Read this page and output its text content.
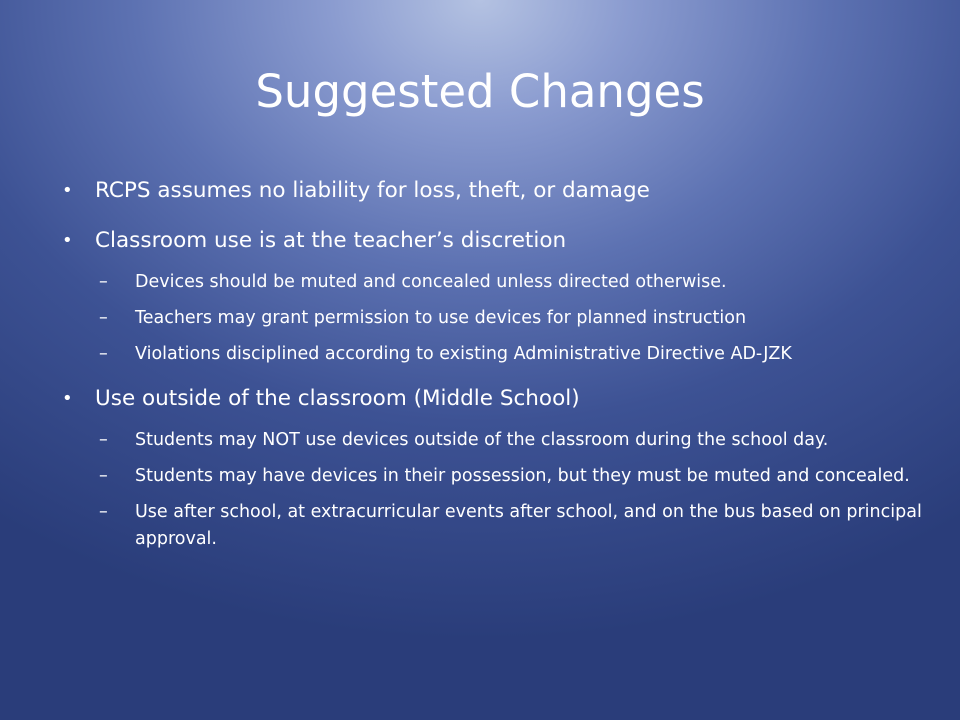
Suggested Changes
• RCPS assumes no liability for loss, theft, or damage
• Classroom use is at the teacher’s discretion
– Devices should be muted and concealed unless directed otherwise.
– Teachers may grant permission to use devices for planned instruction
– Violations disciplined according to existing Administrative Directive AD-JZK
• Use outside of the classroom (Middle School)
– Students may NOT use devices outside of the classroom during the school day.
– Students may have devices in their possession, but they must be muted and concealed.
– Use after school, at extracurricular events after school, and on the bus based on principal approval.
